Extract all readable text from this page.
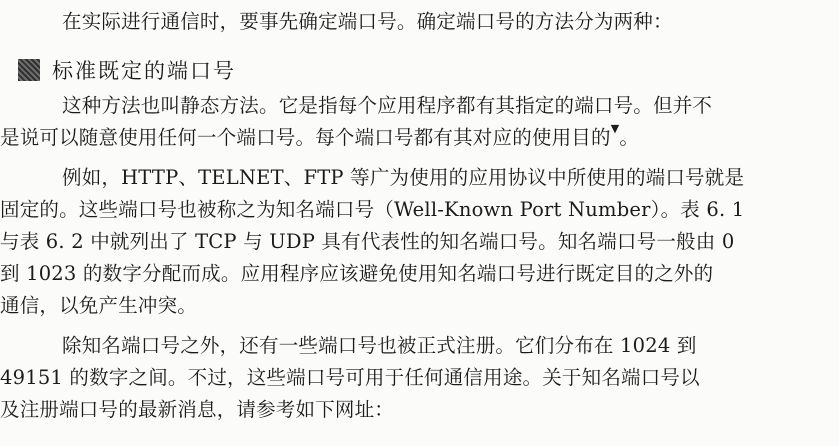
在实际进行通信时，要事先确定端口号。确定端口号的方法分为两种：
标准既定的端口号
这种方法也叫静态方法。它是指每个应用程序都有其指定的端口号。但并不
是说可以随意使用任何一个端口号。每个端口号都有其对应的使用目的▼。
例如，HTTP、TELNET、FTP 等广为使用的应用协议中所使用的端口号就是
固定的。这些端口号也被称之为知名端口号（Well-Known Port Number）。表 6. 1
与表 6. 2 中就列出了 TCP 与 UDP 具有代表性的知名端口号。知名端口号一般由 0
到 1023 的数字分配而成。应用程序应该避免使用知名端口号进行既定目的之外的
通信，以免产生冲突。
除知名端口号之外，还有一些端口号也被正式注册。它们分布在 1024 到
49151 的数字之间。不过，这些端口号可用于任何通信用途。关于知名端口号以
及注册端口号的最新消息，请参考如下网址：
